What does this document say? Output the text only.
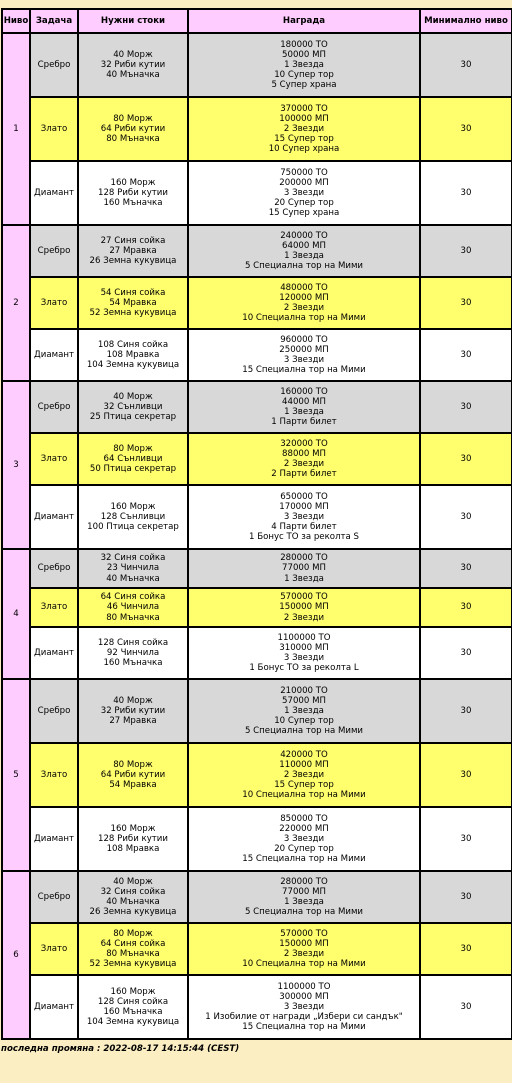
Ниво	Задача	Нужни стоки	Награда	Минимално ниво
1	Сребро	40 Морж
32 Риби кутии
40 Мъначка	180000 ТО
50000 МП
1 Звезда
10 Супер тор
5 Супер храна	30
	Злато	80 Морж
64 Риби кутии
80 Мъначка	370000 ТО
100000 МП
2 Звезди
15 Супер тор
10 Супер храна	30
	Диамант	160 Морж
128 Риби кутии
160 Мъначка	750000 ТО
200000 МП
3 Звезди
20 Супер тор
15 Супер храна	30
2	Сребро	27 Синя сойка
27 Мравка
26 Земна кукувица	240000 ТО
64000 МП
1 Звезда
5 Специална тор на Мими	30
	Злато	54 Синя сойка
54 Мравка
52 Земна кукувица	480000 ТО
120000 МП
2 Звезди
10 Специална тор на Мими	30
	Диамант	108 Синя сойка
108 Мравка
104 Земна кукувица	960000 ТО
250000 МП
3 Звезди
15 Специална тор на Мими	30
3	Сребро	40 Морж
32 Сънливци
25 Птица секретар	160000 ТО
44000 МП
1 Звезда
1 Парти билет	30
	Злато	80 Морж
64 Сънливци
50 Птица секретар	320000 ТО
88000 МП
2 Звезди
2 Парти билет	30
	Диамант	160 Морж
128 Сънливци
100 Птица секретар	650000 ТО
170000 МП
3 Звезди
4 Парти билет
1 Бонус ТО за реколта S	30
4	Сребро	32 Синя сойка
23 Чинчила
40 Мъначка	280000 ТО
77000 МП
1 Звезда	30
	Злато	64 Синя сойка
46 Чинчила
80 Мъначка	570000 ТО
150000 МП
2 Звезди	30
	Диамант	128 Синя сойка
92 Чинчила
160 Мъначка	1100000 ТО
310000 МП
3 Звезди
1 Бонус ТО за реколта L	30
5	Сребро	40 Морж
32 Риби кутии
27 Мравка	210000 ТО
57000 МП
1 Звезда
10 Супер тор
5 Специална тор на Мими	30
	Злато	80 Морж
64 Риби кутии
54 Мравка	420000 ТО
110000 МП
2 Звезди
15 Супер тор
10 Специална тор на Мими	30
	Диамант	160 Морж
128 Риби кутии
108 Мравка	850000 ТО
220000 МП
3 Звезди
20 Супер тор
15 Специална тор на Мими	30
6	Сребро	40 Морж
32 Синя сойка
40 Мъначка
26 Земна кукувица	280000 ТО
77000 МП
1 Звезда
5 Специална тор на Мими	30
	Злато	80 Морж
64 Синя сойка
80 Мъначка
52 Земна кукувица	570000 ТО
150000 МП
2 Звезди
10 Специална тор на Мими	30
	Диамант	160 Морж
128 Синя сойка
160 Мъначка
104 Земна кукувица	1100000 ТО
300000 МП
3 Звезди
1 Изобилие от награди „Избери си сандък"
15 Специална тор на Мими	30
последна промяна : 2022-08-17 14:15:44 (CEST)
